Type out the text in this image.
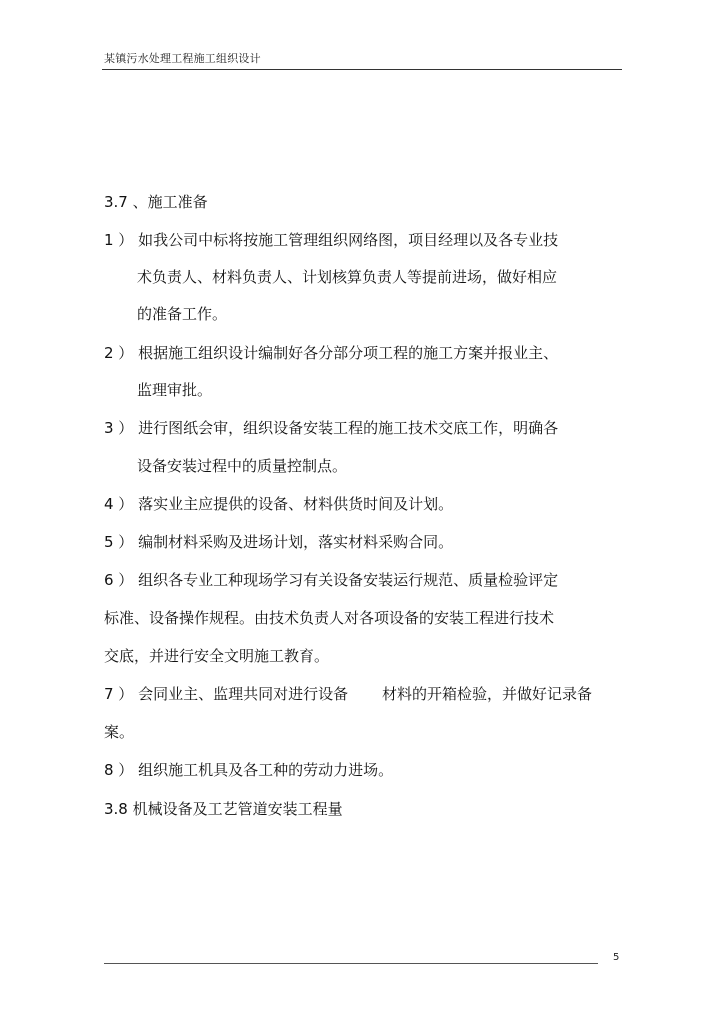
某镇污水处理工程施工组织设计
3.7 、施工准备
1 ） 如我公司中标将按施工管理组织网络图，项目经理以及各专业技
术负责人、材料负责人、计划核算负责人等提前进场，做好相应
的准备工作。
2 ） 根据施工组织设计编制好各分部分项工程的施工方案并报业主、
监理审批。
3 ） 进行图纸会审，组织设备安装工程的施工技术交底工作，明确各
设备安装过程中的质量控制点。
4 ） 落实业主应提供的设备、材料供货时间及计划。
5 ） 编制材料采购及进场计划，落实材料采购合同。
6 ） 组织各专业工种现场学习有关设备安装运行规范、质量检验评定
标准、设备操作规程。由技术负责人对各项设备的安装工程进行技术
交底，并进行安全文明施工教育。
7 ） 会同业主、监理共同对进行设备 材料的开箱检验，并做好记录备
案。
8 ） 组织施工机具及各工种的劳动力进场。
3.8 机械设备及工艺管道安装工程量
5
